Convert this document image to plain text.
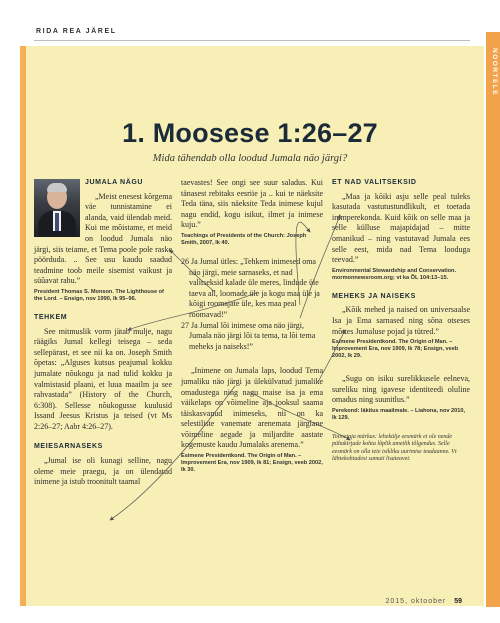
RIDA REA JÄREL
NOORTELE
1. Moosese 1:26–27
Mida tähendab olla loodud Jumala näo järgi?
JUMALA NÄGU
„Meist enesest kõrgema väe tunnistamine ei alanda, vaid ülendab meid. Kui me mõistame, et meid on loodud Jumala näo järgi, siis teiame, et Tema poole pole raske pöörduda. .. See usu kaudu saadud teadmine toob meile sisemist vaikust ja süûavat rahu.”
President Thomas S. Monson. The Lighthouse of the Lord. – Ensign, nov 1990, lk 95–96.
TEHKEM
See mitmuslik vorm jätab mulje, nagu räägiks Jumal kellegi teisega – seda sellepärast, et see nii ka on. Joseph Smith õpetas: „Alguses kutsus peajumal kokku jumalate nõukogu ja nad tulid kokku ja valmistasid plaani, et luua maailm ja see rahvastada” (History of the Church, 6:308). Sellesse nõukogusse kuulusid Issand Jeesus Kristus ja teised (vt Ms 2:26–27; Aabr 4:26–27).
MEIESARNASEKS
„Jumal ise oli kunagi selline, nagu oleme meie praegu, ja on ülendatud inimene ja istub troonitult taamal
taevastes! See ongi see suur saladus. Kui tänasest rebitaks eesriie ja .. kui te näeksite Teda täna, siis näeksite Teda inimese kujul nagu endid, kogu isikut, ilmet ja inimese kuju.”
Teachings of Presidents of the Church: Joseph Smith, 2007, lk 40.
26 Ja Jumal ütles: „Tehkem inimesed oma näo järgi, meie sarnaseks, et nad valitseksid kalade üle meres, lindude üle taeva all, loomade üle ja kogu maa üle ja kõigi roomajate üle, kes maa peal roomavad!”
27 Ja Jumal lõi inimese oma näo järgi, Jumala näo järgi lõi ta tema, ta lõi tema meheks ja naiseks!”
„Inimene on Jumala laps, loodud Tema jumaliku näo järgi ja ülekülvatud jumalike omadustega ning nagu maise isa ja ema väikelaps on võimeline aja jooksul saama täiskasvanud inimeseks, nii on ka selestiliste vanemate arenemata järglane võimeline aegade ja miljardite aastate kogemuste kaudu Jumalaks arenema.”
Esimene Presidentkond. The Origin of Man. – Improvement Era, nov 1909, lk 81; Ensign, veeb 2002, lk 30.
ET NAD VALITSEKSID
„Maa ja kõiki asju selle peal tuleks kasutada vastutustundlikult, et toetada inimperekonda. Kuid kõik on selle maa ja selle külluse majapidajad – mitte omanikud – ning vastutavad Jumala ees selle eest, mida nad Tema looduga teevad.”
Environmental Stewardship and Conservation. mormonnewsroom.org; vt ka ÕL 104:13–15.
MEHEKS JA NAISEKS
„Kõik mehed ja naised on universaalse Isa ja Ema sarnased ning sõna otseses mõttes Jumaluse pojad ja tütred.”
Esimene Presidentkond. The Origin of Man. – Improvement Era, nov 1909, lk 78; Ensign, veeb 2002, lk 29.
„Sugu on isiku surelikkusele eelneva, sureliku ning igavese identiteedi oluline omadus ning suunitlus.”
Perekond: läkitus maailmale. – Liahona, nov 2010, lk 129.
Toimetaja märkus: lehekülje eesmärk ei ole nende pühakirjade kohta lõplik ametlik tõlgendus. Selle eesmärk on olla teie isikliku uurimise teadaanne. Vt lähtekohtadest samuti lisateavet.
2015, oktoober 59
